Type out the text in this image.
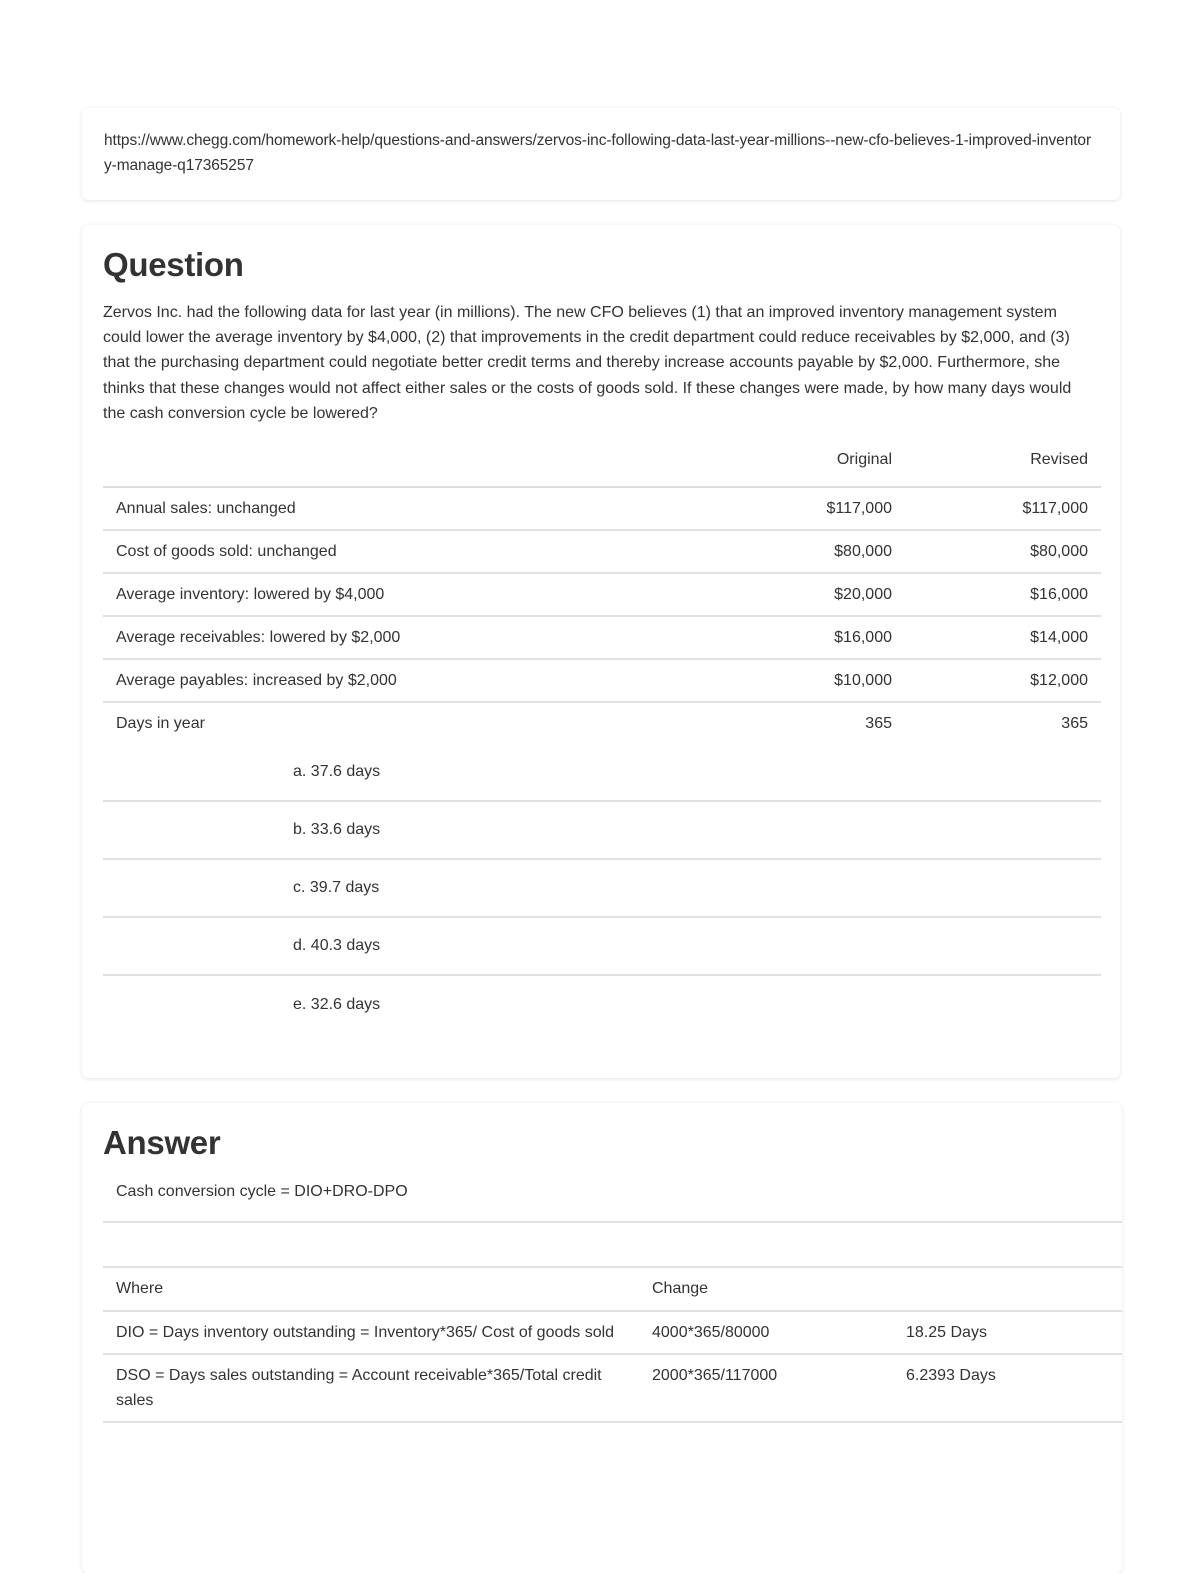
https://www.chegg.com/homework-help/questions-and-answers/zervos-inc-following-data-last-year-millions--new-cfo-believes-1-improved-inventory-manage-q17365257
Question
Zervos Inc. had the following data for last year (in millions). The new CFO believes (1) that an improved inventory management system could lower the average inventory by $4,000, (2) that improvements in the credit department could reduce receivables by $2,000, and (3) that the purchasing department could negotiate better credit terms and thereby increase accounts payable by $2,000. Furthermore, she thinks that these changes would not affect either sales or the costs of goods sold. If these changes were made, by how many days would the cash conversion cycle be lowered?
	Original	Revised
Annual sales: unchanged	$117,000	$117,000
Cost of goods sold: unchanged	$80,000	$80,000
Average inventory: lowered by $4,000	$20,000	$16,000
Average receivables: lowered by $2,000	$16,000	$14,000
Average payables: increased by $2,000	$10,000	$12,000
Days in year	365	365
a. 37.6 days
b. 33.6 days
c. 39.7 days
d. 40.3 days
e. 32.6 days
Answer
Cash conversion cycle = DIO+DRO-DPO
Where	Change	
DIO = Days inventory outstanding = Inventory*365/ Cost of goods sold	4000*365/80000	18.25 Days
DSO = Days sales outstanding = Account receivable*365/Total credit sales	2000*365/117000	6.2393 Days
